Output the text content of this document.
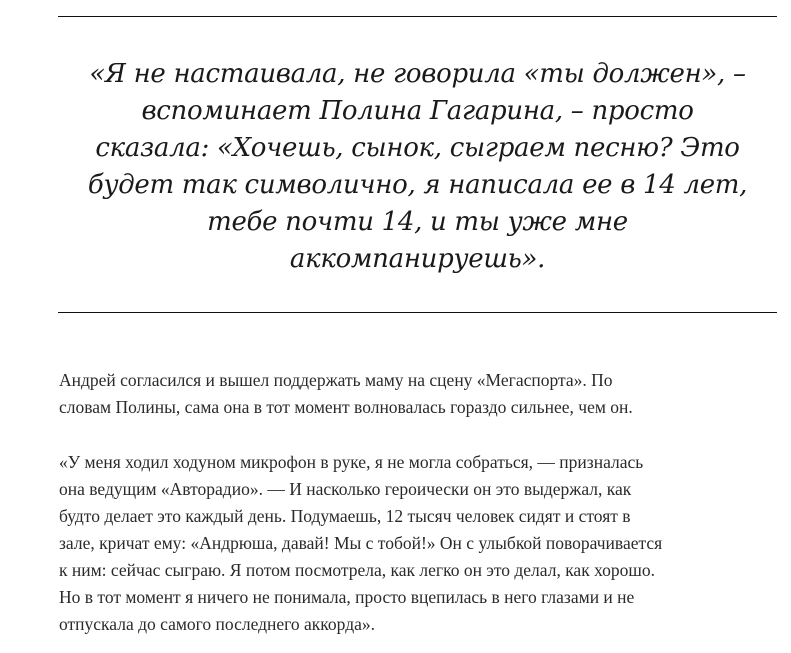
«Я не настаивала, не говорила «ты должен», –
вспоминает Полина Гагарина, – просто
сказала: «Хочешь, сынок, сыграем песню? Это
будет так символично, я написала ее в 14 лет,
тебе почти 14, и ты уже мне
аккомпанируешь».

Андрей согласился и вышел поддержать маму на сцену «Мегаспорта». По
словам Полины, сама она в тот момент волновалась гораздо сильнее, чем он.

«У меня ходил ходуном микрофон в руке, я не могла собраться, — призналась
она ведущим «Авторадио». — И насколько героически он это выдержал, как
будто делает это каждый день. Подумаешь, 12 тысяч человек сидят и стоят в
зале, кричат ему: «Андрюша, давай! Мы с тобой!» Он с улыбкой поворачивается
к ним: сейчас сыграю. Я потом посмотрела, как легко он это делал, как хорошо.
Но в тот момент я ничего не понимала, просто вцепилась в него глазами и не
отпускала до самого последнего аккорда».
